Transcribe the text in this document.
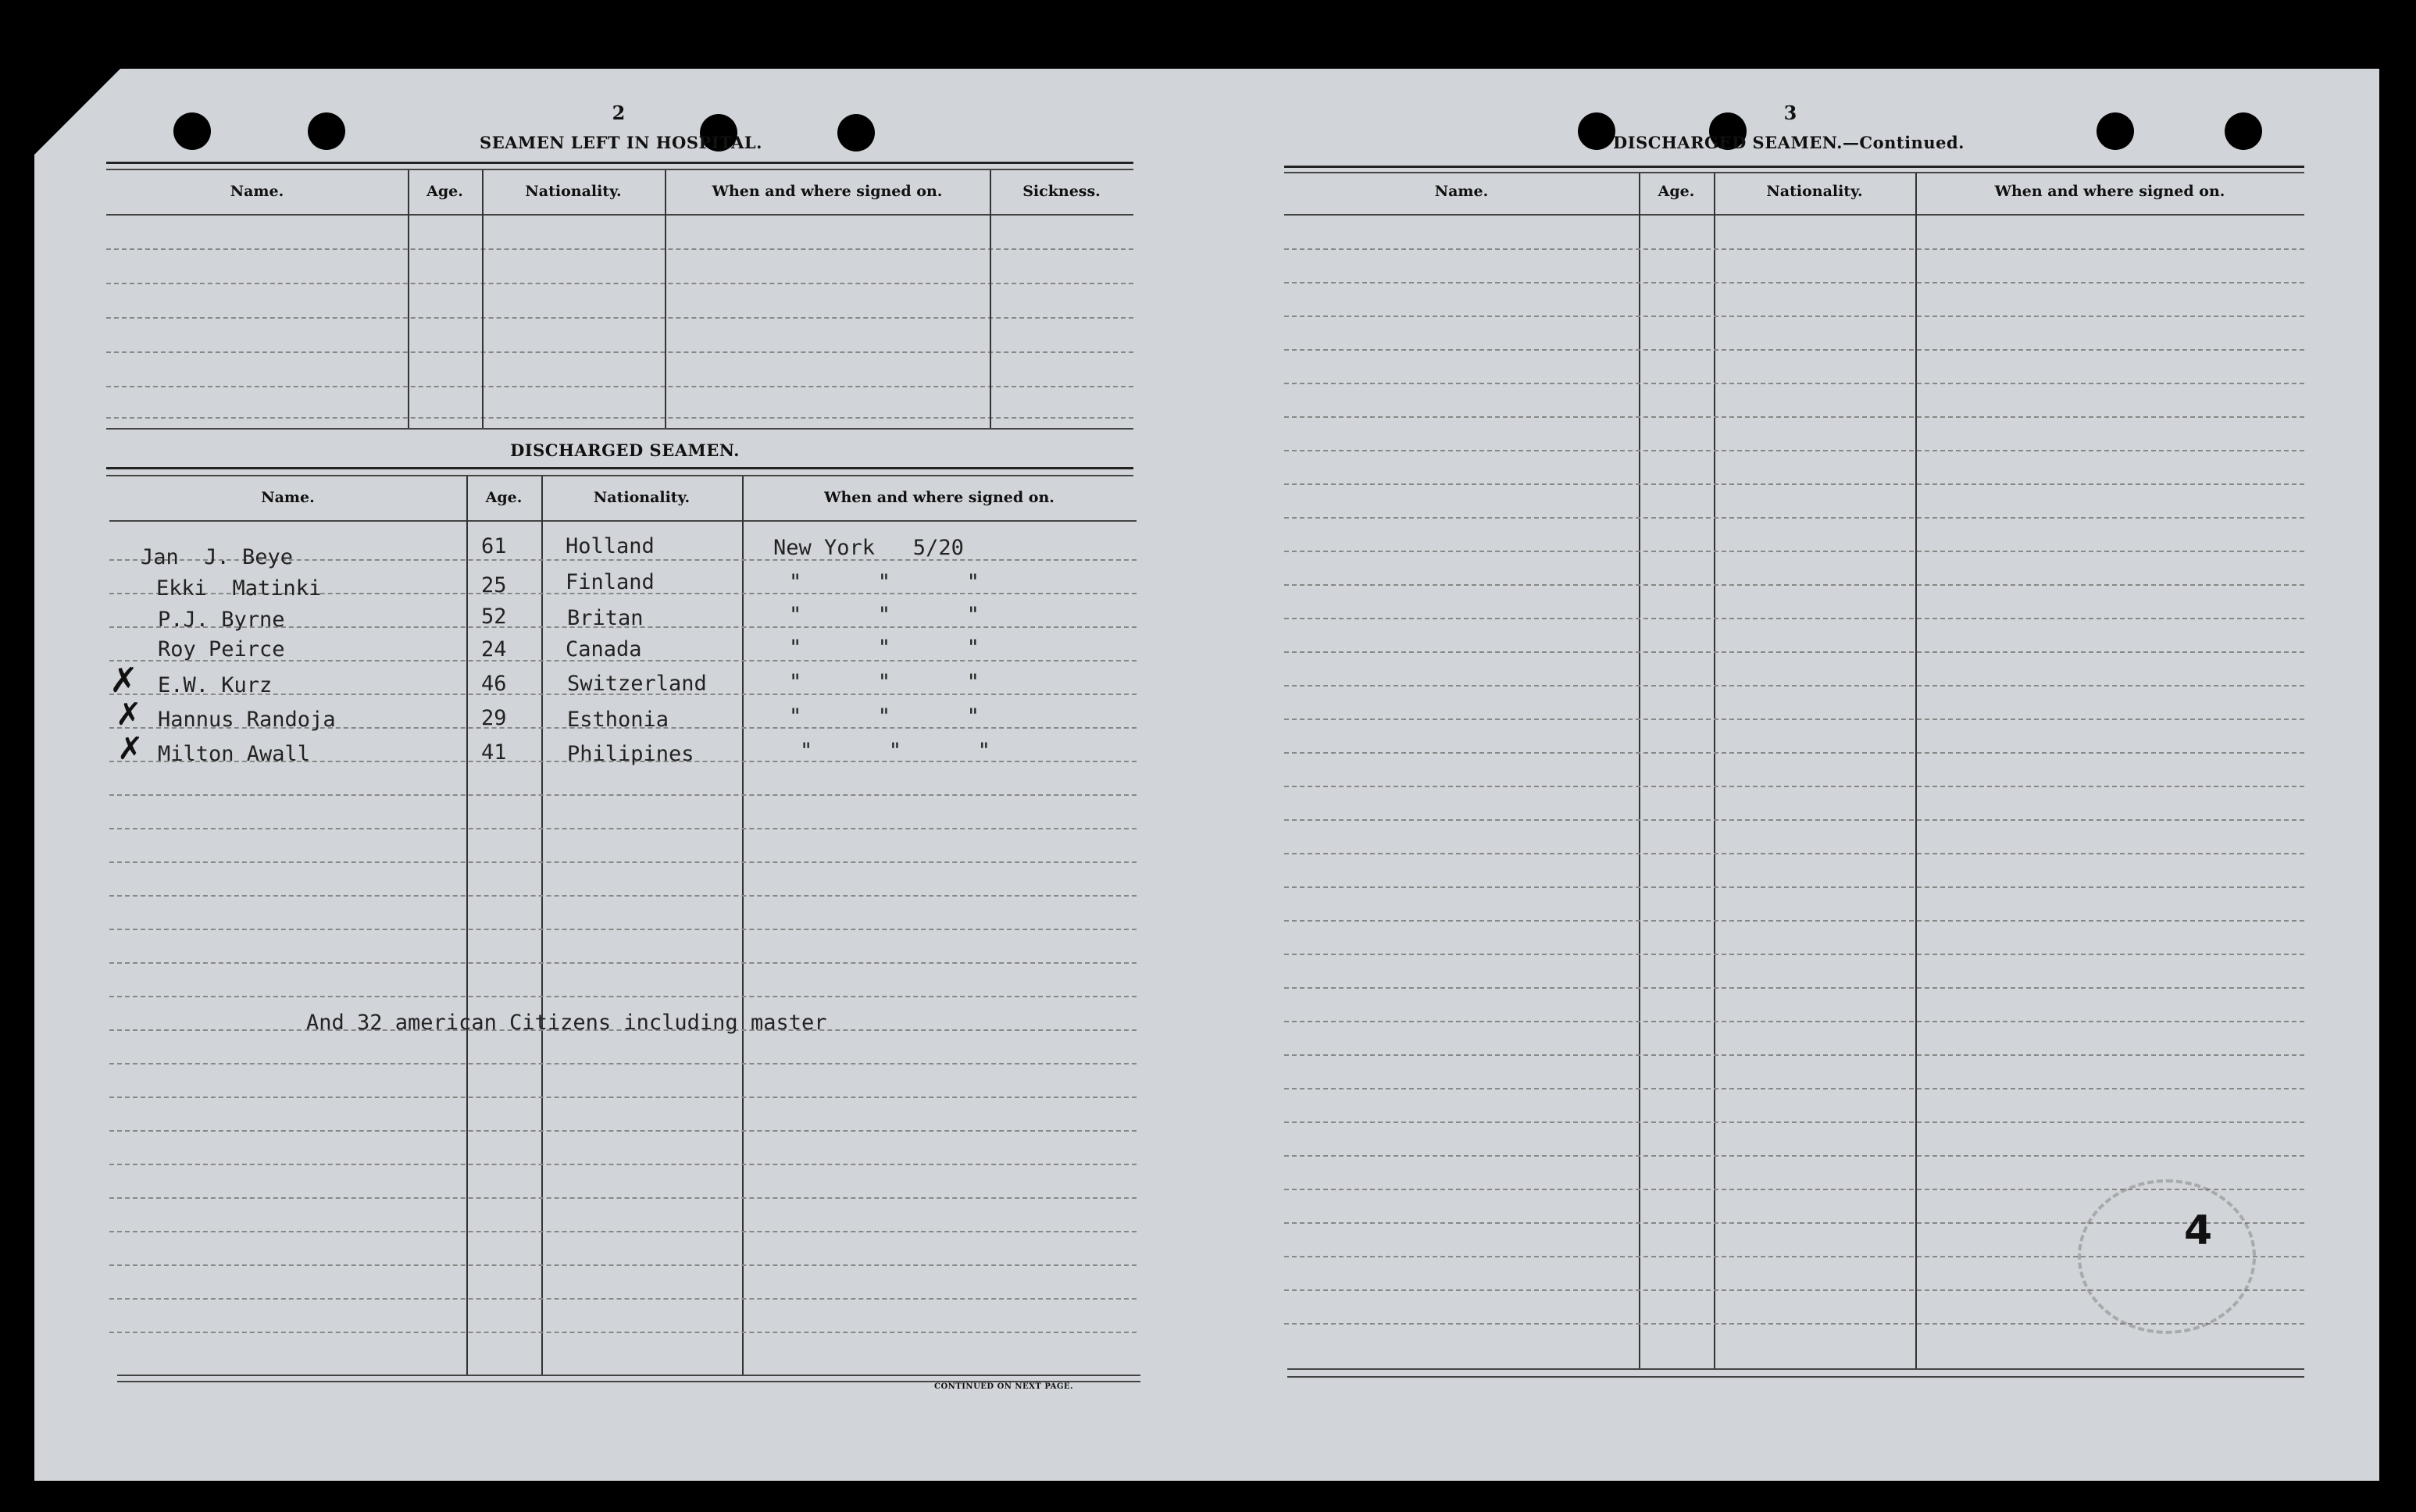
2
SEAMEN LEFT IN HOSPITAL.
Name.	Age.	Nationality.	When and where signed on.	Sickness.
DISCHARGED SEAMEN.
Name.	Age.	Nationality.	When and where signed on.
Jan  J. Beye	61	Holland	New York   5/20
Ekki  Matinki	25	Finland	"      "      "
P.J. Byrne	52	Britan	"      "      "
Roy Peirce	24	Canada	"      "      "
E.W. Kurz	46	Switzerland	"      "      "
Hannus Randoja	29	Esthonia	"      "      "
Milton Awall	41	Philipines	"      "      "
✗
✗
✗
And 32 american Citizens including master
CONTINUED ON NEXT PAGE.
3
DISCHARGED SEAMEN.—Continued.
Name.	Age.	Nationality.	When and where signed on.
4
